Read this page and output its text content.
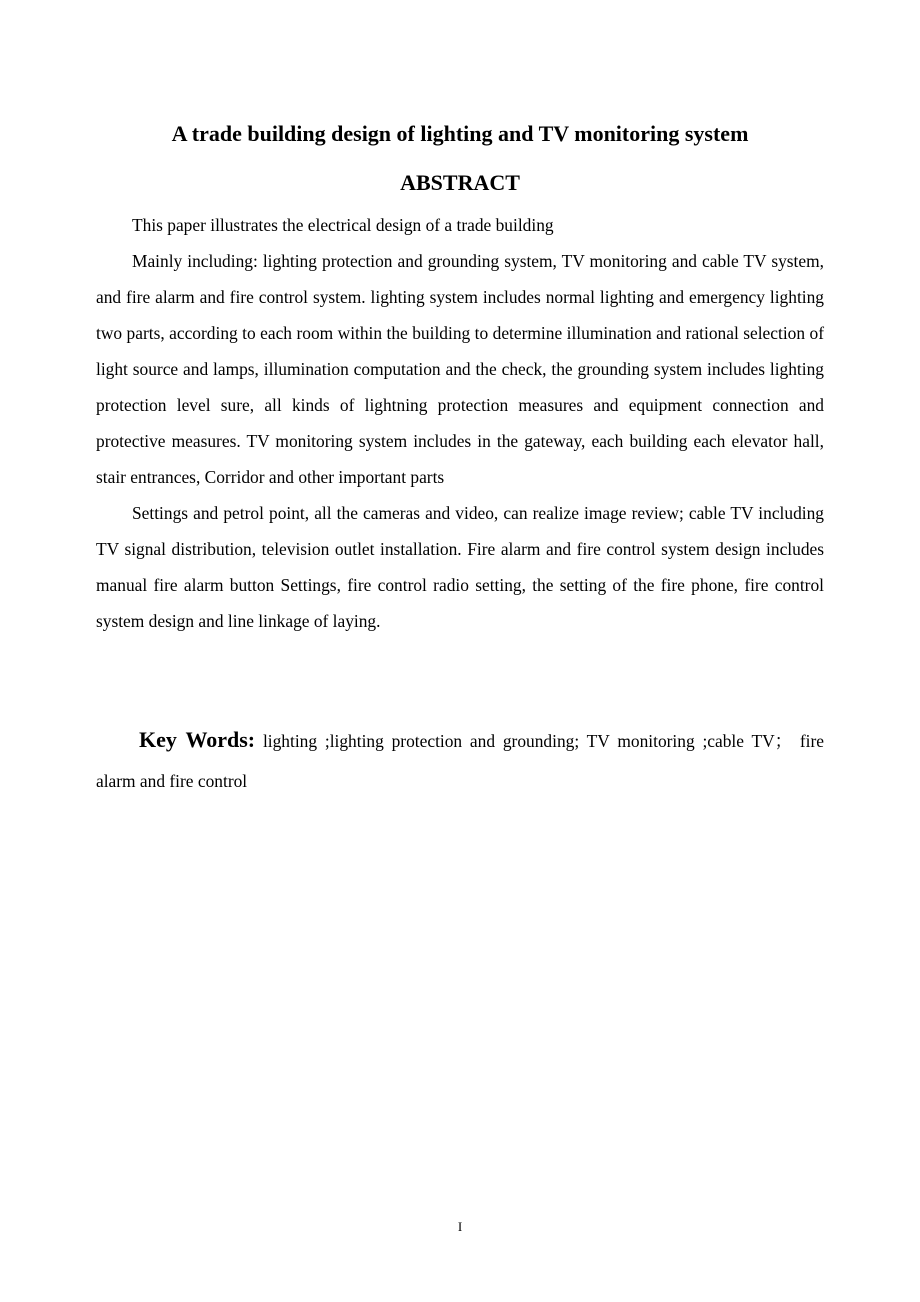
A trade building design of lighting and TV monitoring system
ABSTRACT

This paper illustrates the electrical design of a trade building

Mainly including: lighting protection and grounding system, TV monitoring and cable TV system, and fire alarm and fire control system. lighting system includes normal lighting and emergency lighting two parts, according to each room within the building to determine illumination and rational selection of light source and lamps, illumination computation and the check, the grounding system includes lighting protection level sure, all kinds of lightning protection measures and equipment connection and protective measures. TV monitoring system includes in the gateway, each building each elevator hall, stair entrances, Corridor and other important parts

Settings and petrol point, all the cameras and video, can realize image review; cable TV including TV signal distribution, television outlet installation. Fire alarm and fire control system design includes manual fire alarm button Settings, fire control radio setting, the setting of the fire phone, fire control system design and line linkage of laying.

Key Words: lighting ;lighting protection and grounding; TV monitoring ;cable TV； fire alarm and fire control

I
